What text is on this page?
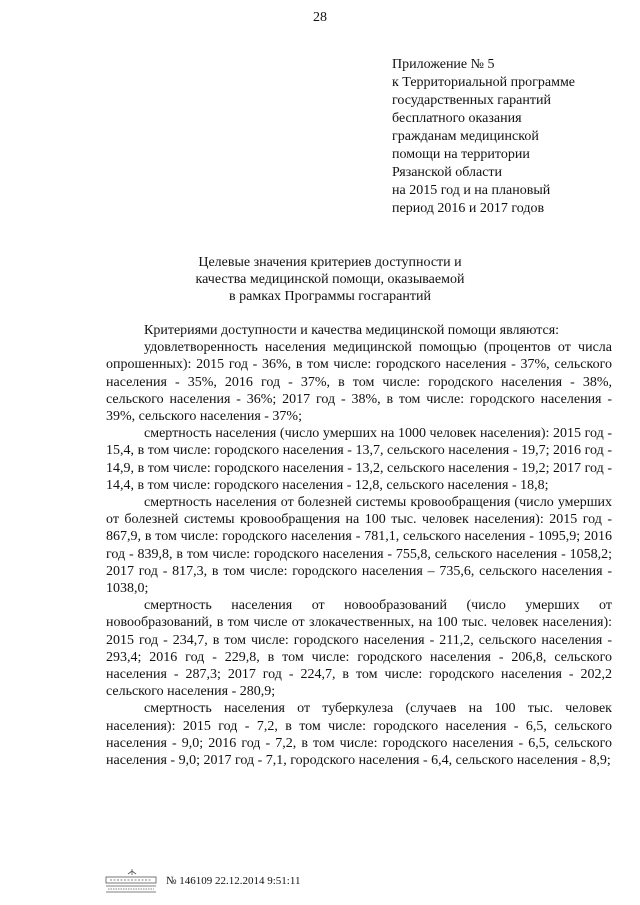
28
Приложение № 5
к Территориальной программе
государственных гарантий
бесплатного оказания
гражданам медицинской
помощи на территории
Рязанской области
на 2015 год и на плановый
период 2016 и 2017 годов
Целевые значения критериев доступности и
качества медицинской помощи, оказываемой
в рамках Программы госгарантий

Критериями доступности и качества медицинской помощи являются:

удовлетворенность населения медицинской помощью (процентов от числа опрошенных): 2015 год - 36%, в том числе: городского населения - 37%, сельского населения - 35%, 2016 год - 37%, в том числе: городского населения - 38%, сельского населения - 36%; 2017 год - 38%, в том числе: городского населения - 39%, сельского населения - 37%;

смертность населения (число умерших на 1000 человек населения): 2015 год - 15,4, в том числе: городского населения - 13,7, сельского населения - 19,7; 2016 год - 14,9, в том числе: городского населения - 13,2, сельского населения - 19,2; 2017 год - 14,4, в том числе: городского населения - 12,8, сельского населения - 18,8;

смертность населения от болезней системы кровообращения (число умерших от болезней системы кровообращения на 100 тыс. человек населения): 2015 год - 867,9, в том числе: городского населения - 781,1, сельского населения - 1095,9; 2016 год - 839,8, в том числе: городского населения - 755,8, сельского населения - 1058,2; 2017 год - 817,3, в том числе: городского населения – 735,6, сельского населения - 1038,0;

смертность населения от новообразований (число умерших от новообразований, в том числе от злокачественных, на 100 тыс. человек населения): 2015 год - 234,7, в том числе: городского населения - 211,2, сельского населения - 293,4; 2016 год - 229,8, в том числе: городского населения - 206,8, сельского населения - 287,3; 2017 год - 224,7, в том числе: городского населения - 202,2 сельского населения - 280,9;

смертность населения от туберкулеза (случаев на 100 тыс. человек населения): 2015 год - 7,2, в том числе: городского населения - 6,5, сельского населения - 9,0; 2016 год - 7,2, в том числе: городского населения - 6,5, сельского населения - 9,0; 2017 год - 7,1, городского населения - 6,4, сельского населения - 8,9;

№ 146109 22.12.2014 9:51:11
